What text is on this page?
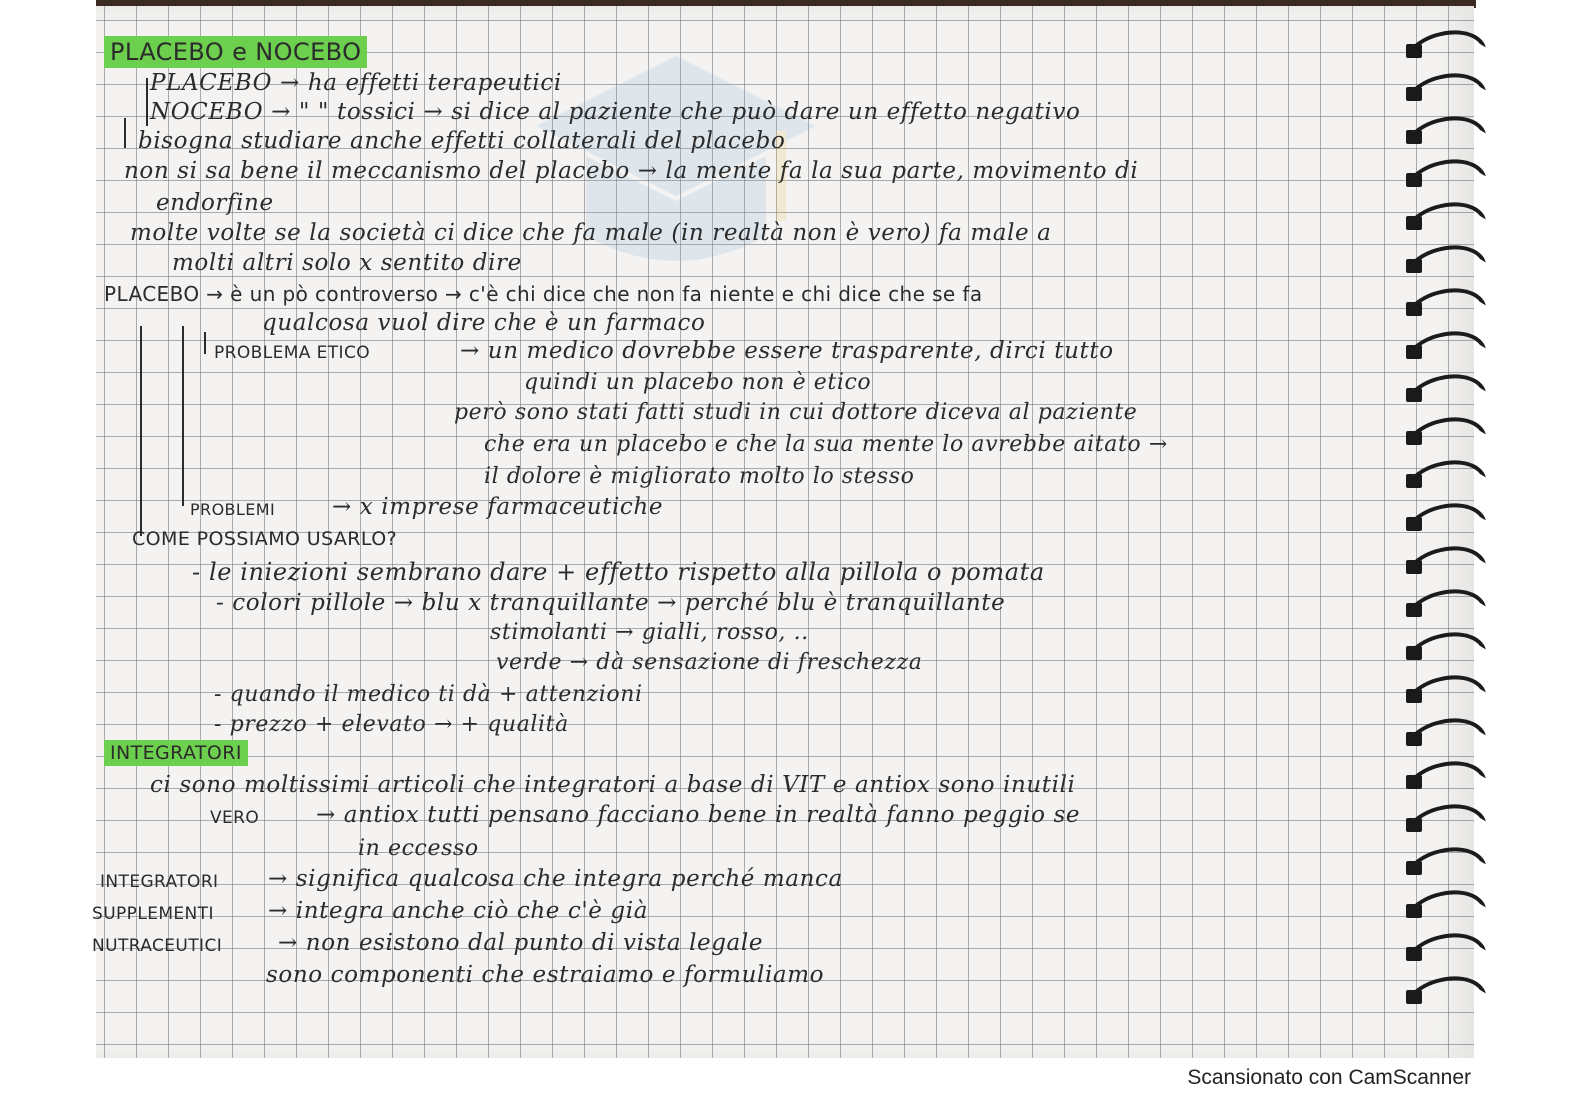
PLACEBO e NOCEBO
PLACEBO → ha effetti terapeutici
NOCEBO → " " tossici → si dice al paziente che può dare un effetto negativo
bisogna studiare anche effetti collaterali del placebo
non si sa bene il meccanismo del placebo → la mente fa la sua parte, movimento di
endorfine
molte volte se la società ci dice che fa male (in realtà non è vero) fa male a
molti altri solo x sentito dire
PLACEBO → è un pò controverso → c'è chi dice che non fa niente e chi dice che se fa
qualcosa vuol dire che è un farmaco
PROBLEMA ETICO	→ un medico dovrebbe essere trasparente, dirci tutto
quindi un placebo non è etico
però sono stati fatti studi in cui dottore diceva al paziente
che era un placebo e che la sua mente lo avrebbe aitato →
il dolore è migliorato molto lo stesso
PROBLEMI → x imprese farmaceutiche
COME POSSIAMO USARLO?
- le iniezioni sembrano dare + effetto rispetto alla pillola o pomata
- colori pillole → blu x tranquillante → perché blu è tranquillante
stimolanti → gialli, rosso, ..
verde → dà sensazione di freschezza
- quando il medico ti dà + attenzioni
- prezzo + elevato → + qualità
INTEGRATORI
ci sono moltissimi articoli che integratori a base di VIT e antiox sono inutili
VERO → antiox tutti pensano facciano bene in realtà fanno peggio se
in eccesso
INTEGRATORI → significa qualcosa che integra perché manca
SUPPLEMENTI → integra anche ciò che c'è già
NUTRACEUTICI → non esistono dal punto di vista legale
sono componenti che estraiamo e formuliamo
Scansionato con CamScanner
